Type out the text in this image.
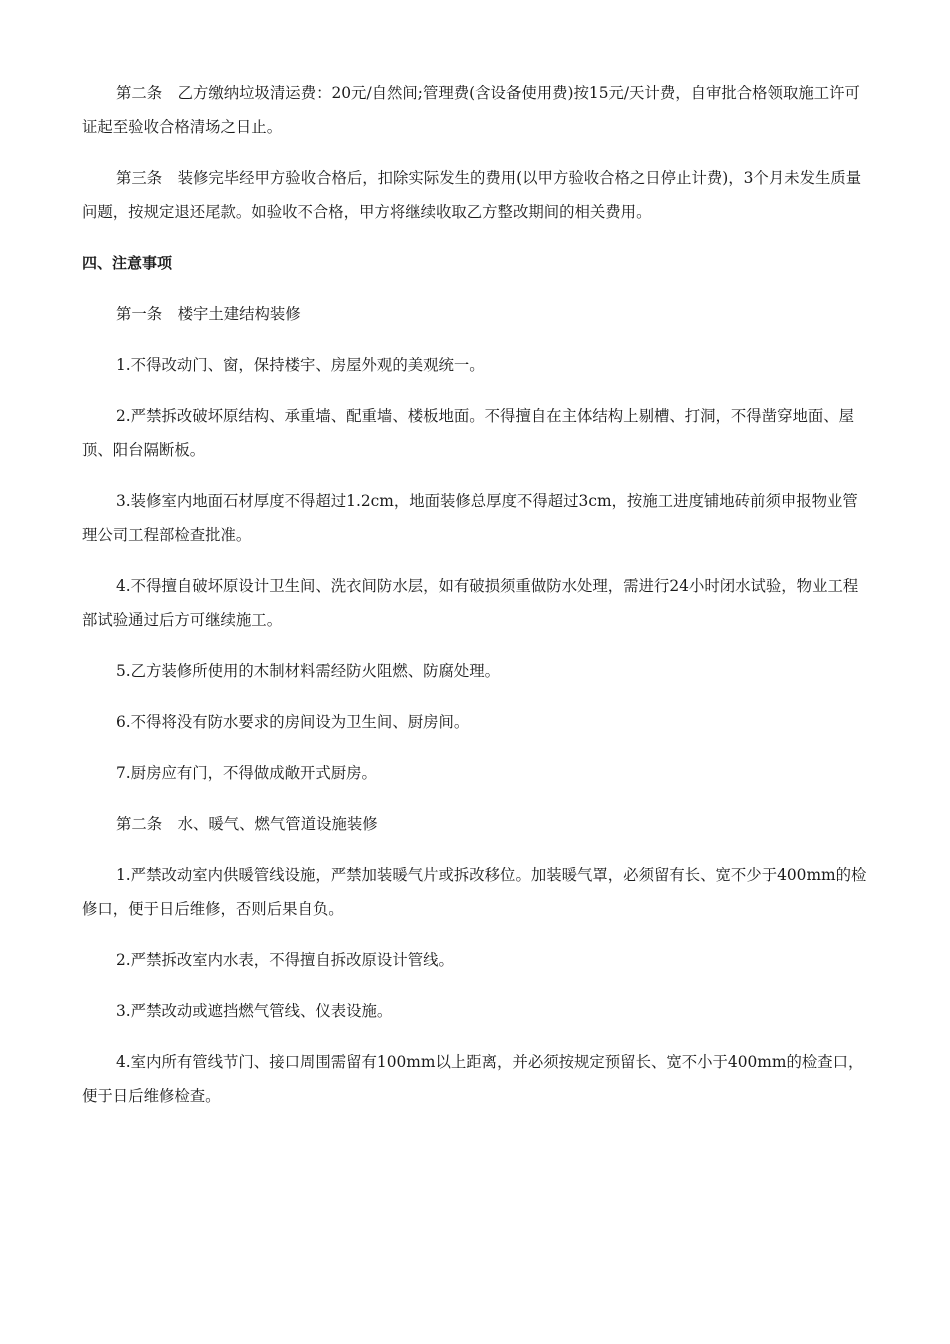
第二条　乙方缴纳垃圾清运费：20元/自然间;管理费(含设备使用费)按15元/天计费，自审批合格领取施工许可证起至验收合格清场之日止。

第三条　装修完毕经甲方验收合格后，扣除实际发生的费用(以甲方验收合格之日停止计费)，3个月未发生质量问题，按规定退还尾款。如验收不合格，甲方将继续收取乙方整改期间的相关费用。

四、注意事项

第一条　楼宇土建结构装修

1.不得改动门、窗，保持楼宇、房屋外观的美观统一。

2.严禁拆改破坏原结构、承重墙、配重墙、楼板地面。不得擅自在主体结构上剔槽、打洞，不得凿穿地面、屋顶、阳台隔断板。

3.装修室内地面石材厚度不得超过1.2cm，地面装修总厚度不得超过3cm，按施工进度铺地砖前须申报物业管理公司工程部检查批准。

4.不得擅自破坏原设计卫生间、洗衣间防水层，如有破损须重做防水处理，需进行24小时闭水试验，物业工程部试验通过后方可继续施工。

5.乙方装修所使用的木制材料需经防火阻燃、防腐处理。

6.不得将没有防水要求的房间设为卫生间、厨房间。

7.厨房应有门，不得做成敞开式厨房。

第二条　水、暖气、燃气管道设施装修

1.严禁改动室内供暖管线设施，严禁加装暖气片或拆改移位。加装暖气罩，必须留有长、宽不少于400mm的检修口，便于日后维修，否则后果自负。

2.严禁拆改室内水表，不得擅自拆改原设计管线。

3.严禁改动或遮挡燃气管线、仪表设施。

4.室内所有管线节门、接口周围需留有100mm以上距离，并必须按规定预留长、宽不小于400mm的检查口，便于日后维修检查。
